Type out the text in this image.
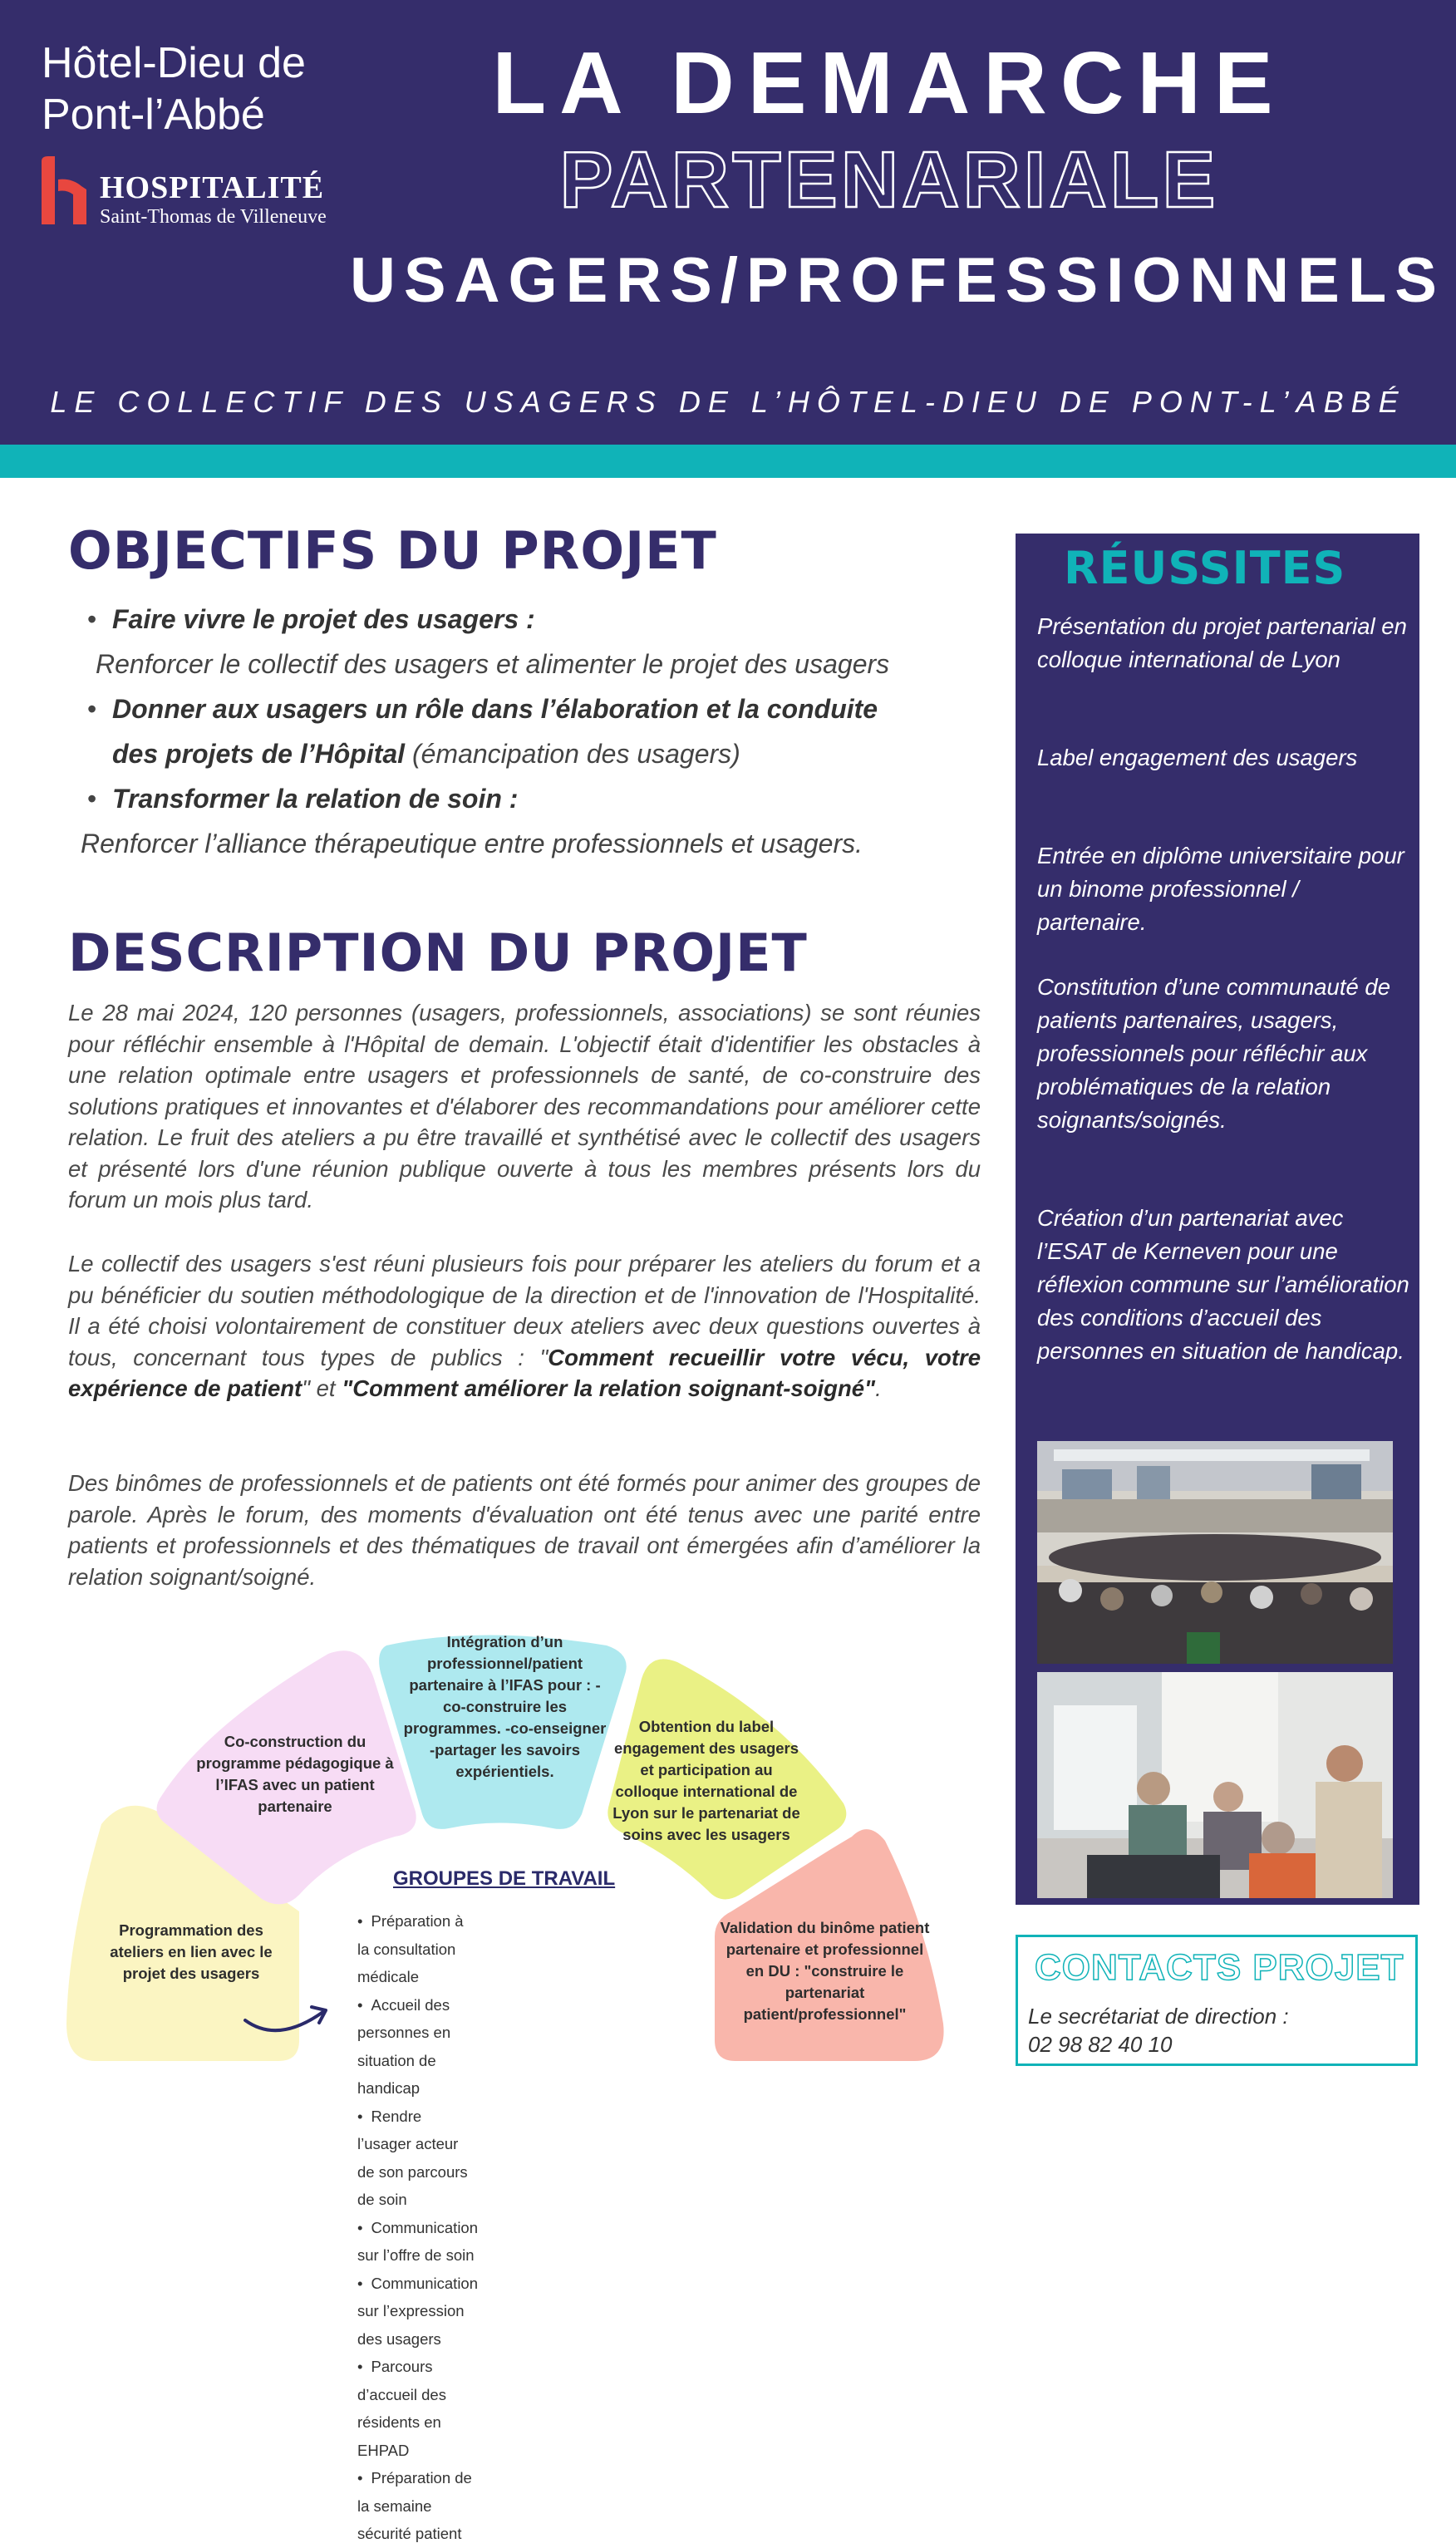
Hôtel-Dieu de
Pont-l’Abbé
HOSPITALITÉ
Saint-Thomas de Villeneuve
LA DEMARCHE
PARTENARIALE
USAGERS/PROFESSIONNELS
LE COLLECTIF DES USAGERS DE L’HÔTEL-DIEU DE PONT-L’ABBÉ
OBJECTIFS DU PROJET
• Faire vivre le projet des usagers :
Renforcer le collectif des usagers et alimenter le projet des usagers
• Donner aux usagers un rôle dans l’élaboration et la conduite
des projets de l’Hôpital (émancipation des usagers)
• Transformer la relation de soin :
Renforcer l’alliance thérapeutique entre professionnels et usagers.
DESCRIPTION DU PROJET

Le 28 mai 2024, 120 personnes (usagers, professionnels, associations) se sont réunies pour réfléchir ensemble à l'Hôpital de demain. L'objectif était d'identifier les obstacles à une relation optimale entre usagers et professionnels de santé, de co-construire des solutions pratiques et innovantes et d'élaborer des recommandations pour améliorer cette relation. Le fruit des ateliers a pu être travaillé et synthétisé avec le collectif des usagers et présenté lors d'une réunion publique ouverte à tous les membres présents lors du forum un mois plus tard.

Le collectif des usagers s'est réuni plusieurs fois pour préparer les ateliers du forum et a pu bénéficier du soutien méthodologique de la direction et de l'innovation de l'Hospitalité. Il a été choisi volontairement de constituer deux ateliers avec deux questions ouvertes à tous, concernant tous types de publics : "Comment recueillir votre vécu, votre expérience de patient" et "Comment améliorer la relation soignant-soigné".

Des binômes de professionnels et de patients ont été formés pour animer des groupes de parole. Après le forum, des moments d'évaluation ont été tenus avec une parité entre patients et professionnels et des thématiques de travail ont émergées afin d’améliorer la relation soignant/soigné.

RÉUSSITES
Présentation du projet partenarial en colloque international de Lyon
Label engagement des usagers
Entrée en diplôme universitaire pour un binome professionnel / partenaire.
Constitution d’une communauté de patients partenaires, usagers, professionnels pour réfléchir aux problématiques de la relation soignants/soignés.
Création d’un partenariat avec l’ESAT de Kerneven pour une réflexion commune sur l’amélioration des conditions d’accueil des personnes en situation de handicap.
CONTACTS PROJET
Le secrétariat de direction :
02 98 82 40 10
Programmation des ateliers en lien avec le projet des usagers
Co-construction du programme pédagogique à l’IFAS avec un patient partenaire
Intégration d’un professionnel/patient partenaire à l’IFAS pour : -co-construire les programmes. -co-enseigner -partager les savoirs expérientiels.
Obtention du label engagement des usagers et participation au colloque international de Lyon sur le partenariat de soins avec les usagers
Validation du binôme patient partenaire et professionnel en DU : "construire le partenariat patient/professionnel"
GROUPES DE TRAVAIL
• Préparation à la consultation médicale
• Accueil des personnes en situation de handicap
• Rendre l’usager acteur de son parcours de soin
• Communication sur l’offre de soin
• Communication sur l’expression des usagers
• Parcours d’accueil des résidents en EHPAD
• Préparation de la semaine sécurité patient
